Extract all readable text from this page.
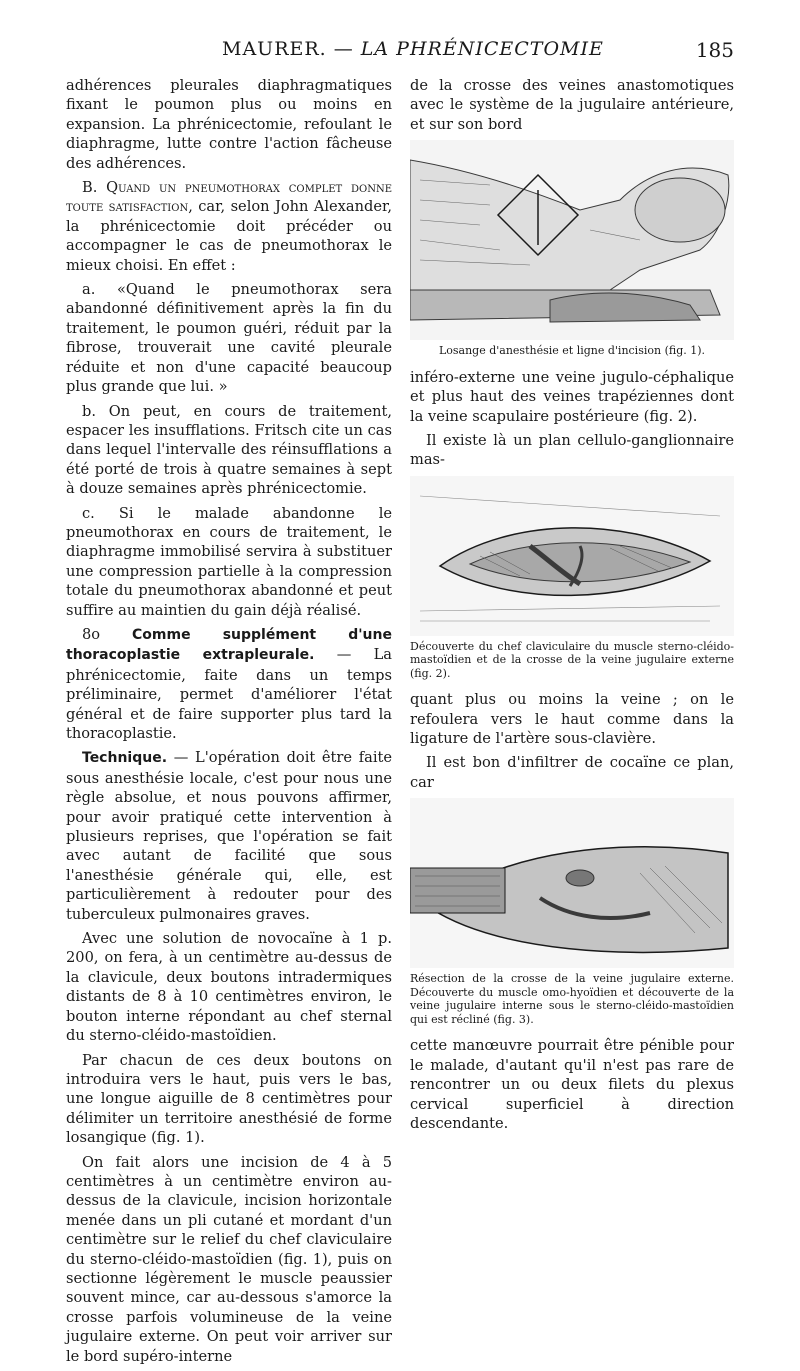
MAURER. — LA PHRÉNICECTOMIE	185

adhérences pleurales diaphragmatiques fixant le poumon plus ou moins en expansion. La phrénicectomie, refoulant le diaphragme, lutte contre l'action fâcheuse des adhérences.

B. Quand un pneumothorax complet donne toute satisfaction, car, selon John Alexander, la phrénicectomie doit précéder ou accompagner le cas de pneumothorax le mieux choisi. En effet :

a. «Quand le pneumothorax sera abandonné définitivement après la fin du traitement, le poumon guéri, réduit par la fibrose, trouverait une cavité pleurale réduite et non d'une capacité beaucoup plus grande que lui. »

b. On peut, en cours de traitement, espacer les insufflations. Fritsch cite un cas dans lequel l'intervalle des réinsufflations a été porté de trois à quatre semaines à sept à douze semaines après phrénicectomie.

c. Si le malade abandonne le pneumothorax en cours de traitement, le diaphragme immobilisé servira à substituer une compression partielle à la compression totale du pneumothorax abandonné et peut suffire au maintien du gain déjà réalisé.

8o Comme supplément d'une thoracoplastie extrapleurale. — La phrénicectomie, faite dans un temps préliminaire, permet d'améliorer l'état général et de faire supporter plus tard la thoracoplastie.

Technique. — L'opération doit être faite sous anesthésie locale, c'est pour nous une règle absolue, et nous pouvons affirmer, pour avoir pratiqué cette intervention à plusieurs reprises, que l'opération se fait avec autant de facilité que sous l'anesthésie générale qui, elle, est particulièrement à redouter pour des tuberculeux pulmonaires graves.

Avec une solution de novocaïne à 1 p. 200, on fera, à un centimètre au-dessus de la clavicule, deux boutons intradermiques distants de 8 à 10 centimètres environ, le bouton interne répondant au chef sternal du sterno-cléido-mastoïdien.

Par chacun de ces deux boutons on introduira vers le haut, puis vers le bas, une longue aiguille de 8 centimètres pour délimiter un territoire anesthésié de forme losangique (fig. 1).

On fait alors une incision de 4 à 5 centimètres à un centimètre environ au-dessus de la clavicule, incision horizontale menée dans un pli cutané et mordant d'un centimètre sur le relief du chef claviculaire du sterno-cléido-mastoïdien (fig. 1), puis on sectionne légèrement le muscle peaussier souvent mince, car au-dessous s'amorce la crosse parfois volumineuse de la veine jugulaire externe. On peut voir arriver sur le bord supéro-interne

de la crosse des veines anastomotiques avec le système de la jugulaire antérieure, et sur son bord

Losange d'anesthésie et ligne d'incision (fig. 1).

inféro-externe une veine jugulo-céphalique et plus haut des veines trapéziennes dont la veine scapulaire postérieure (fig. 2).

Il existe là un plan cellulo-ganglionnaire mas-

Découverte du chef claviculaire du muscle sterno-cléido-mastoïdien et de la crosse de la veine jugulaire externe (fig. 2).

quant plus ou moins la veine ; on le refoulera vers le haut comme dans la ligature de l'artère sous-clavière.

Il est bon d'infiltrer de cocaïne ce plan, car

Résection de la crosse de la veine jugulaire externe. Découverte du muscle omo-hyoïdien et découverte de la veine jugulaire interne sous le sterno-cléido-mastoïdien qui est récliné (fig. 3).

cette manœuvre pourrait être pénible pour le malade, d'autant qu'il n'est pas rare de rencontrer un ou deux filets du plexus cervical superficiel à direction descendante.
